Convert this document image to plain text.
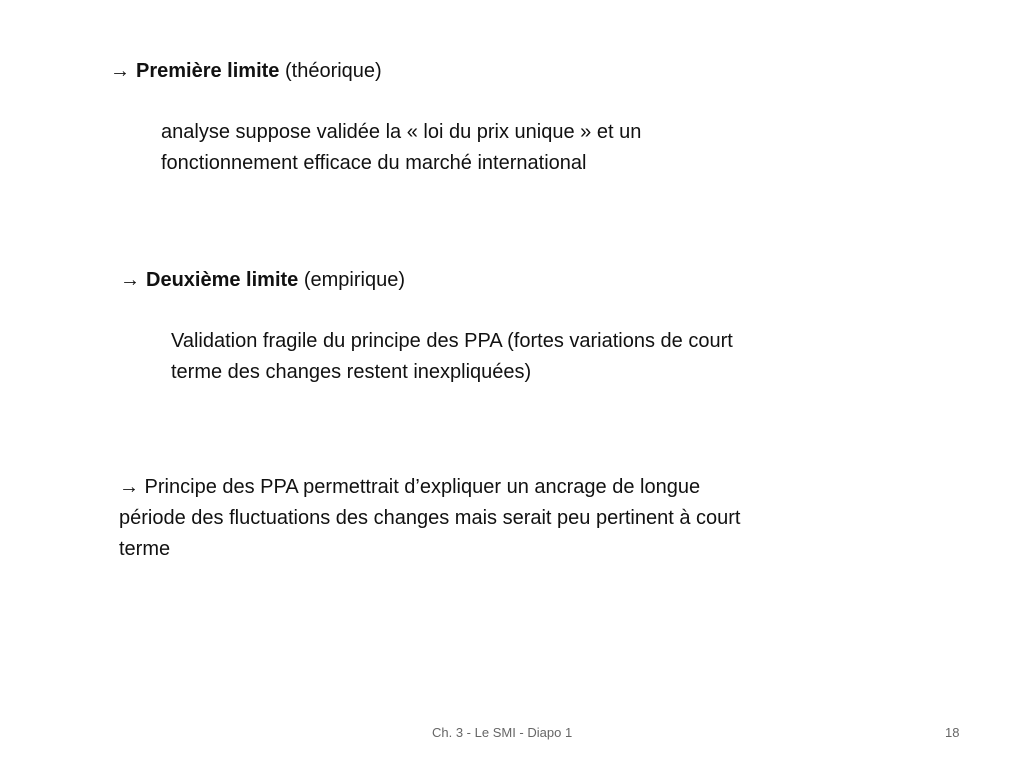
→ Première limite (théorique)
analyse suppose validée la « loi du prix unique » et un
fonctionnement efficace du marché international
→ Deuxième limite (empirique)
Validation fragile du principe des PPA (fortes variations de court
terme des changes restent inexpliquées)
→ Principe des PPA permettrait d’expliquer un ancrage de longue
période des fluctuations des changes mais serait peu pertinent à court
terme
Ch. 3 - Le SMI - Diapo 1	18
